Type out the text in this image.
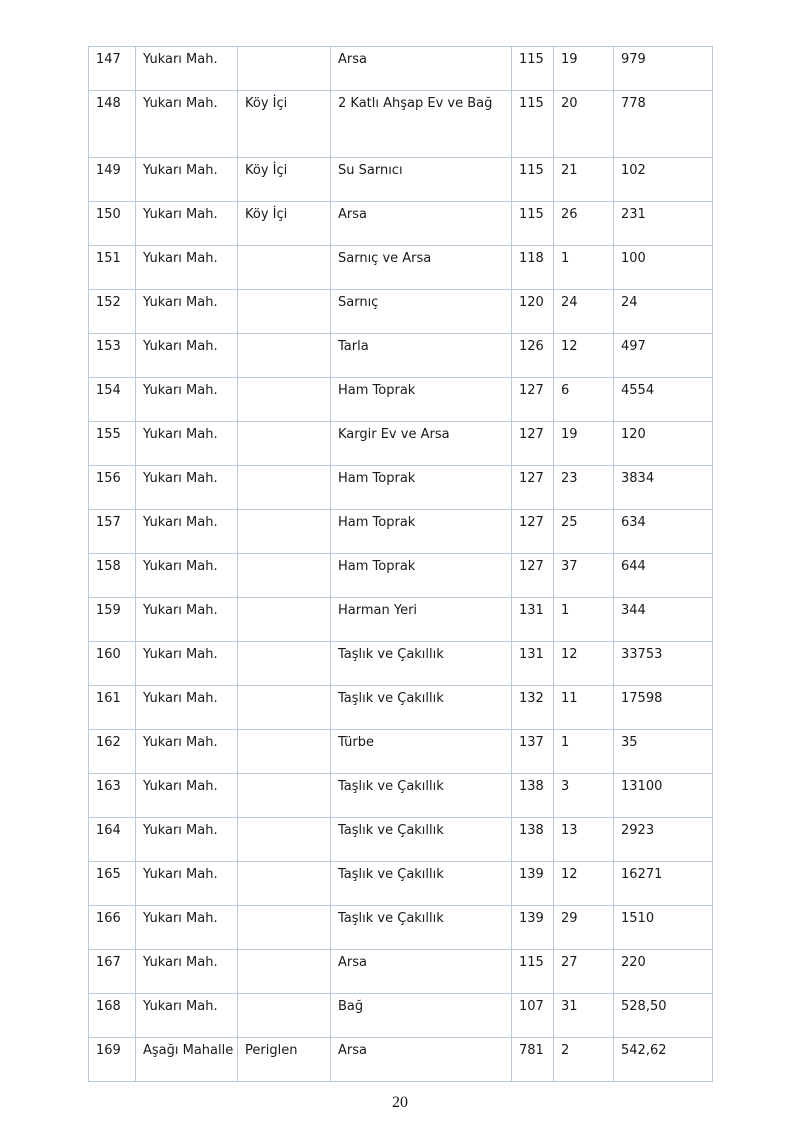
147	Yukarı Mah.		Arsa	115	19	979
148	Yukarı Mah.	Köy İçi	2 Katlı Ahşap Ev ve Bağ	115	20	778
149	Yukarı Mah.	Köy İçi	Su Sarnıcı	115	21	102
150	Yukarı Mah.	Köy İçi	Arsa	115	26	231
151	Yukarı Mah.		Sarnıç ve Arsa	118	1	100
152	Yukarı Mah.		Sarnıç	120	24	24
153	Yukarı Mah.		Tarla	126	12	497
154	Yukarı Mah.		Ham Toprak	127	6	4554
155	Yukarı Mah.		Kargir Ev ve Arsa	127	19	120
156	Yukarı Mah.		Ham Toprak	127	23	3834
157	Yukarı Mah.		Ham Toprak	127	25	634
158	Yukarı Mah.		Ham Toprak	127	37	644
159	Yukarı Mah.		Harman Yeri	131	1	344
160	Yukarı Mah.		Taşlık ve Çakıllık	131	12	33753
161	Yukarı Mah.		Taşlık ve Çakıllık	132	11	17598
162	Yukarı Mah.		Türbe	137	1	35
163	Yukarı Mah.		Taşlık ve Çakıllık	138	3	13100
164	Yukarı Mah.		Taşlık ve Çakıllık	138	13	2923
165	Yukarı Mah.		Taşlık ve Çakıllık	139	12	16271
166	Yukarı Mah.		Taşlık ve Çakıllık	139	29	1510
167	Yukarı Mah.		Arsa	115	27	220
168	Yukarı Mah.		Bağ	107	31	528,50
169	Aşağı Mahalle	Periglen	Arsa	781	2	542,62
20
